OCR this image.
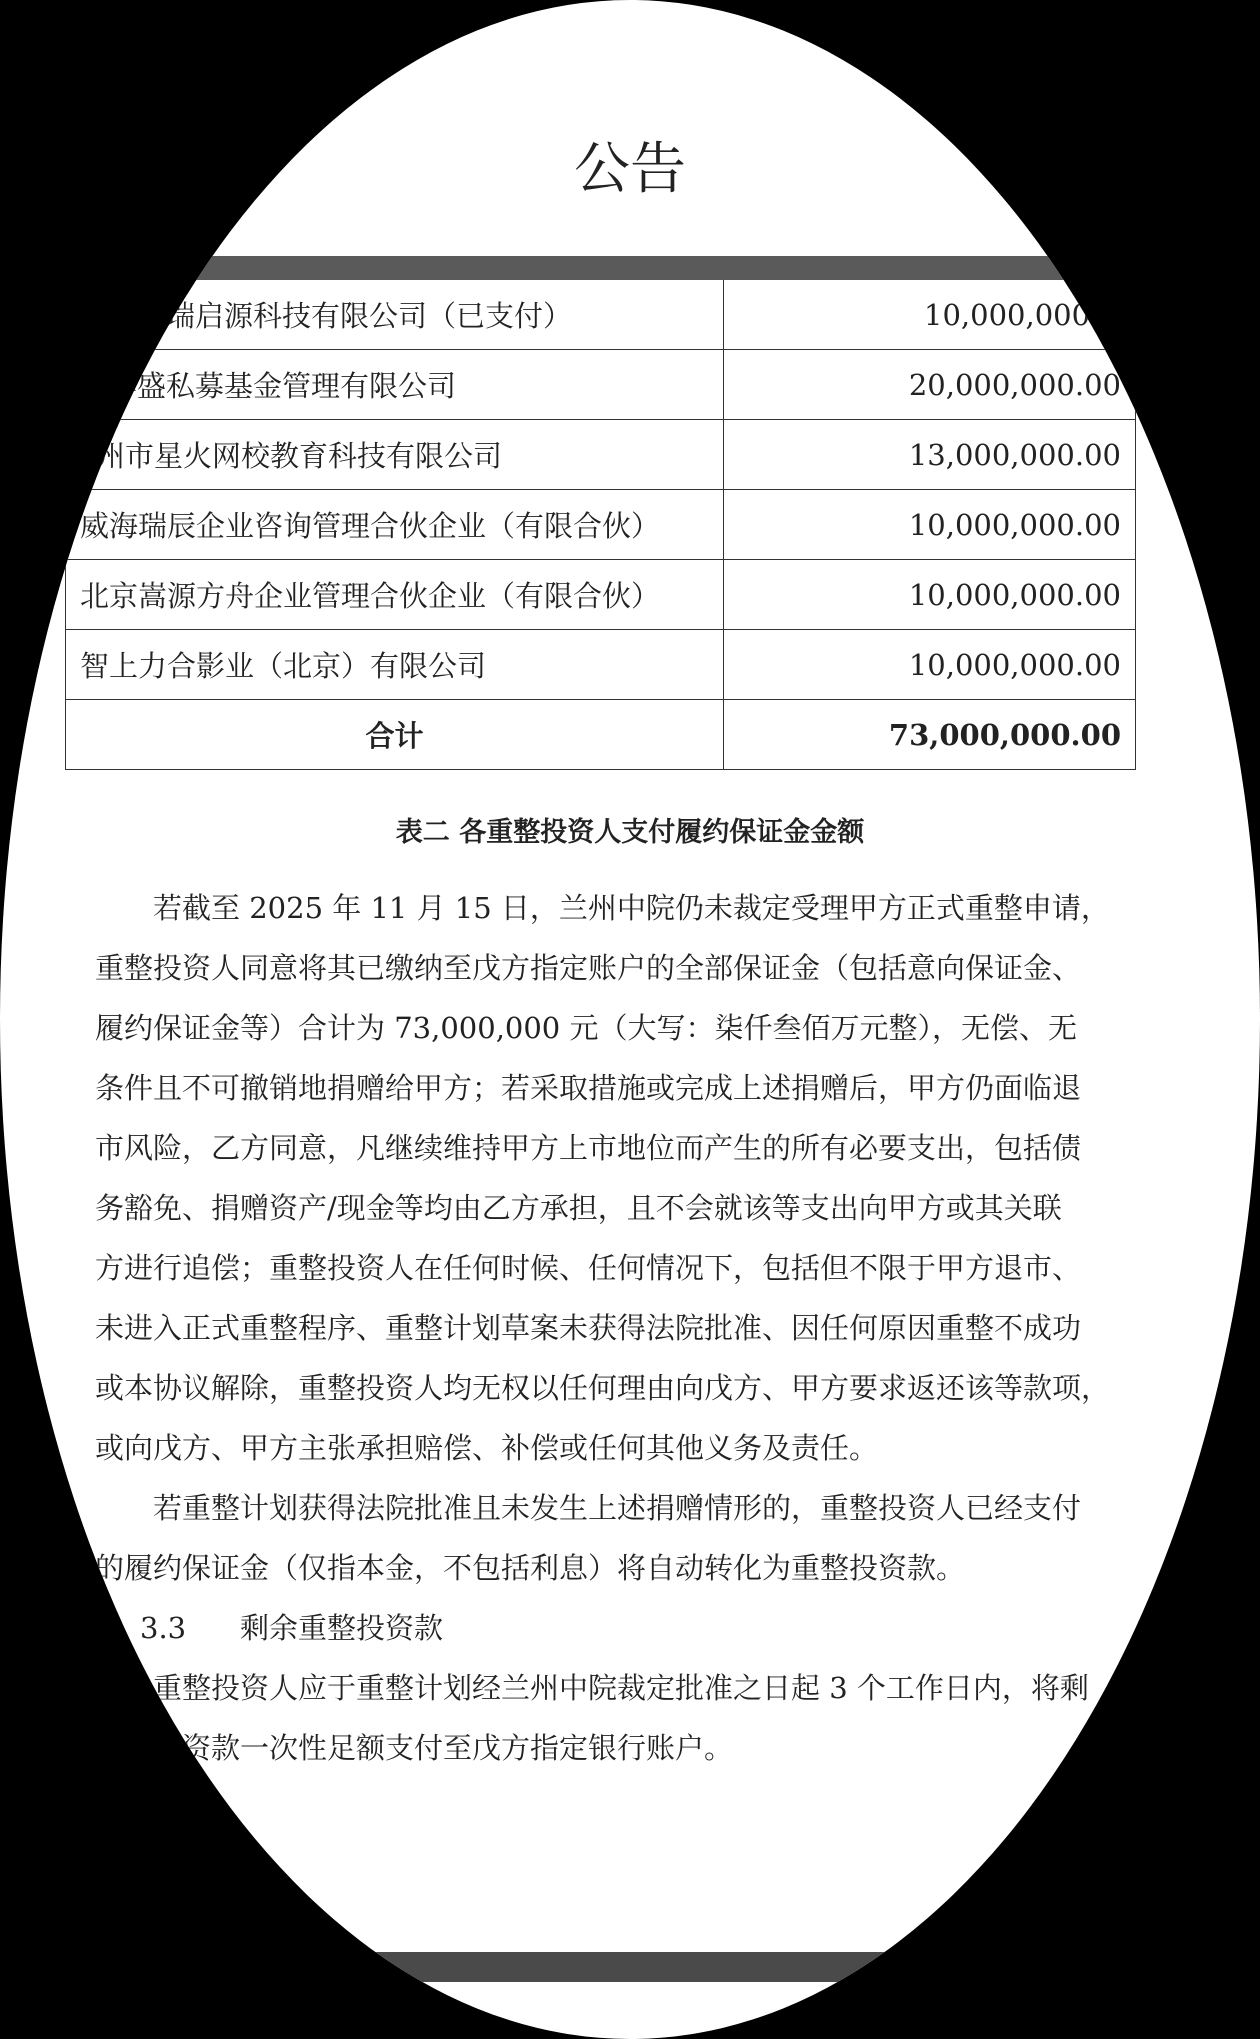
尤
公告
瑞启源科技有限公司（已支付）	10,000,000.
华盛私募基金管理有限公司	20,000,000.00
州市星火网校教育科技有限公司	13,000,000.00
威海瑞辰企业咨询管理合伙企业（有限合伙）	10,000,000.00
北京嵩源方舟企业管理合伙企业（有限合伙）	10,000,000.00
智上力合影业（北京）有限公司	10,000,000.00
合计	73,000,000.00
表二 各重整投资人支付履约保证金金额
若截至 2025 年 11 月 15 日，兰州中院仍未裁定受理甲方正式重整申请，
重整投资人同意将其已缴纳至戊方指定账户的全部保证金（包括意向保证金、
履约保证金等）合计为 73,000,000 元（大写：柒仟叁佰万元整），无偿、无
条件且不可撤销地捐赠给甲方；若采取措施或完成上述捐赠后，甲方仍面临退
市风险，乙方同意，凡继续维持甲方上市地位而产生的所有必要支出，包括债
务豁免、捐赠资产/现金等均由乙方承担，且不会就该等支出向甲方或其关联
方进行追偿；重整投资人在任何时候、任何情况下，包括但不限于甲方退市、
未进入正式重整程序、重整计划草案未获得法院批准、因任何原因重整不成功
或本协议解除，重整投资人均无权以任何理由向戊方、甲方要求返还该等款项，
或向戊方、甲方主张承担赔偿、补偿或任何其他义务及责任。
若重整计划获得法院批准且未发生上述捐赠情形的，重整投资人已经支付
的履约保证金（仅指本金，不包括利息）将自动转化为重整投资款。
3.3 剩余重整投资款
重整投资人应于重整计划经兰州中院裁定批准之日起 3 个工作日内，将剩
投资款一次性足额支付至戊方指定银行账户。
